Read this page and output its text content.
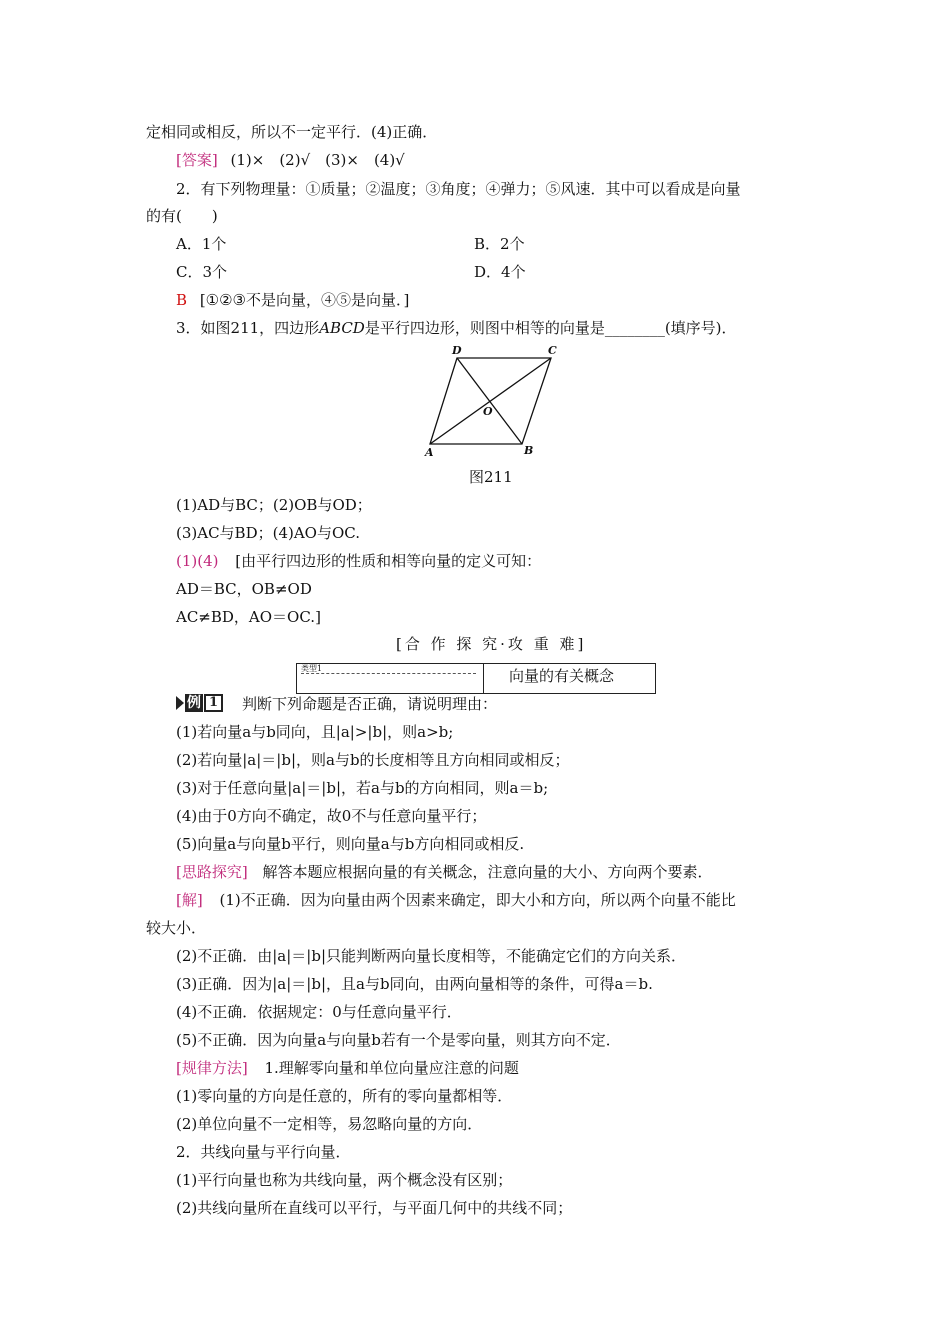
定相同或相反，所以不一定平行．(4)正确．
[答案] (1)×　(2)√　(3)×　(4)√
2．有下列物理量：①质量；②温度；③角度；④弹力；⑤风速．其中可以看成是向量
的有(　　)
A．1个	B．2个
C．3个	D．4个
B [①②③不是向量，④⑤是向量．]
3．如图211，四边形ABCD是平行四边形，则图中相等的向量是________(填序号)．
D	C
O
A	B
图211
(1)AD与BC；(2)OB与OD；
(3)AC与BD；(4)AO与OC.
(1)(4) [由平行四边形的性质和相等向量的定义可知：
AD＝BC，OB≠OD
AC≠BD，AO＝OC.]
[合 作 探 究·攻 重 难]
类型1	向量的有关概念
例 1	判断下列命题是否正确，请说明理由：
(1)若向量a与b同向，且|a|>|b|，则a>b;
(2)若向量|a|＝|b|，则a与b的长度相等且方向相同或相反；
(3)对于任意向量|a|＝|b|，若a与b的方向相同，则a＝b;
(4)由于0方向不确定，故0不与任意向量平行；
(5)向量a与向量b平行，则向量a与b方向相同或相反.
[思路探究] 解答本题应根据向量的有关概念，注意向量的大小、方向两个要素．
[解] (1)不正确．因为向量由两个因素来确定，即大小和方向，所以两个向量不能比
较大小．
(2)不正确．由|a|＝|b|只能判断两向量长度相等，不能确定它们的方向关系．
(3)正确．因为|a|＝|b|，且a与b同向，由两向量相等的条件，可得a＝b.
(4)不正确．依据规定：0与任意向量平行．
(5)不正确．因为向量a与向量b若有一个是零向量，则其方向不定．
[规律方法] 1.理解零向量和单位向量应注意的问题
(1)零向量的方向是任意的，所有的零向量都相等．
(2)单位向量不一定相等，易忽略向量的方向．
2．共线向量与平行向量．
(1)平行向量也称为共线向量，两个概念没有区别；
(2)共线向量所在直线可以平行，与平面几何中的共线不同；
